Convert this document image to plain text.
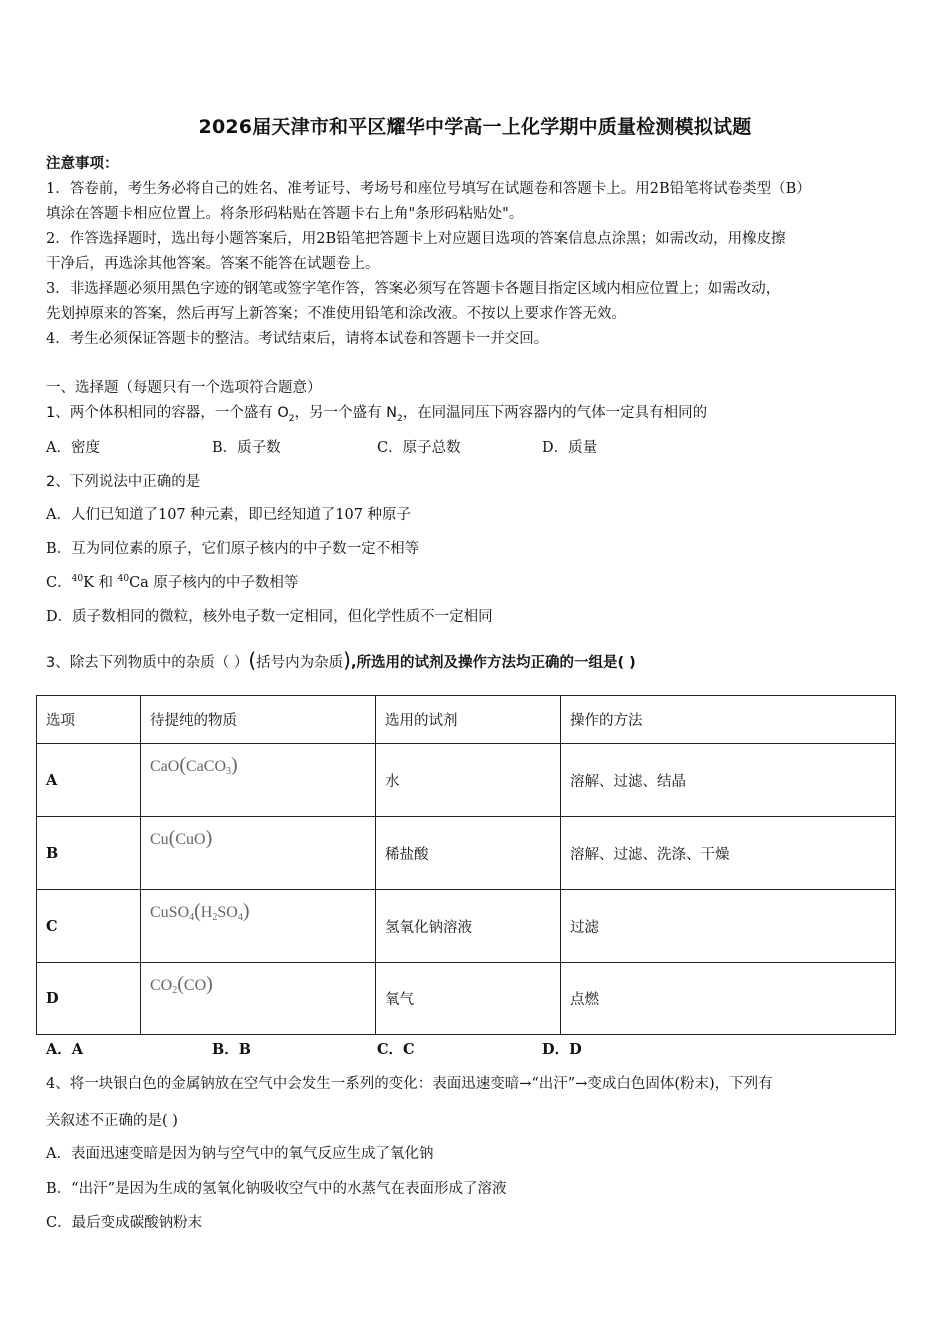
2026届天津市和平区耀华中学高一上化学期中质量检测模拟试题
注意事项：
1．答卷前，考生务必将自己的姓名、准考证号、考场号和座位号填写在试题卷和答题卡上。用2B铅笔将试卷类型（B）
填涂在答题卡相应位置上。将条形码粘贴在答题卡右上角"条形码粘贴处"。
2．作答选择题时，选出每小题答案后，用2B铅笔把答题卡上对应题目选项的答案信息点涂黑；如需改动，用橡皮擦
干净后，再选涂其他答案。答案不能答在试题卷上。
3．非选择题必须用黑色字迹的钢笔或签字笔作答，答案必须写在答题卡各题目指定区域内相应位置上；如需改动，
先划掉原来的答案，然后再写上新答案；不准使用铅笔和涂改液。不按以上要求作答无效。
4．考生必须保证答题卡的整洁。考试结束后，请将本试卷和答题卡一并交回。
一、选择题（每题只有一个选项符合题意）
1、两个体积相同的容器，一个盛有 $O_2$，另一个盛有 $N_2$，在同温同压下两容器内的气体一定具有相同的
A．密度	B．质子数	C．原子总数	D．质量
2、下列说法中正确的是
A．人们已知道了107 种元素，即已经知道了107 种原子
B．互为同位素的原子，它们原子核内的中子数一定不相等
C．$^{40}$K 和 $^{40}$Ca 原子核内的中子数相等
D．质子数相同的微粒，核外电子数一定相同，但化学性质不一定相同
3、除去下列物质中的杂质（ ）(括号内为杂质),所选用的试剂及操作方法均正确的一组是( )
选项	待提纯的物质	选用的试剂	操作的方法
A	CaO(CaCO3)	水	溶解、过滤、结晶
B	Cu(CuO)	稀盐酸	溶解、过滤、洗涤、干燥
C	CuSO4(H2SO4)	氢氧化钠溶液	过滤
D	CO2(CO)	氧气	点燃
A．A	B．B	C．C	D．D
4、将一块银白色的金属钠放在空气中会发生一系列的变化：表面迅速变暗→“出汗”→变成白色固体(粉末)，下列有
关叙述不正确的是( )
A．表面迅速变暗是因为钠与空气中的氧气反应生成了氧化钠
B．“出汗”是因为生成的氢氧化钠吸收空气中的水蒸气在表面形成了溶液
C．最后变成碳酸钠粉末
